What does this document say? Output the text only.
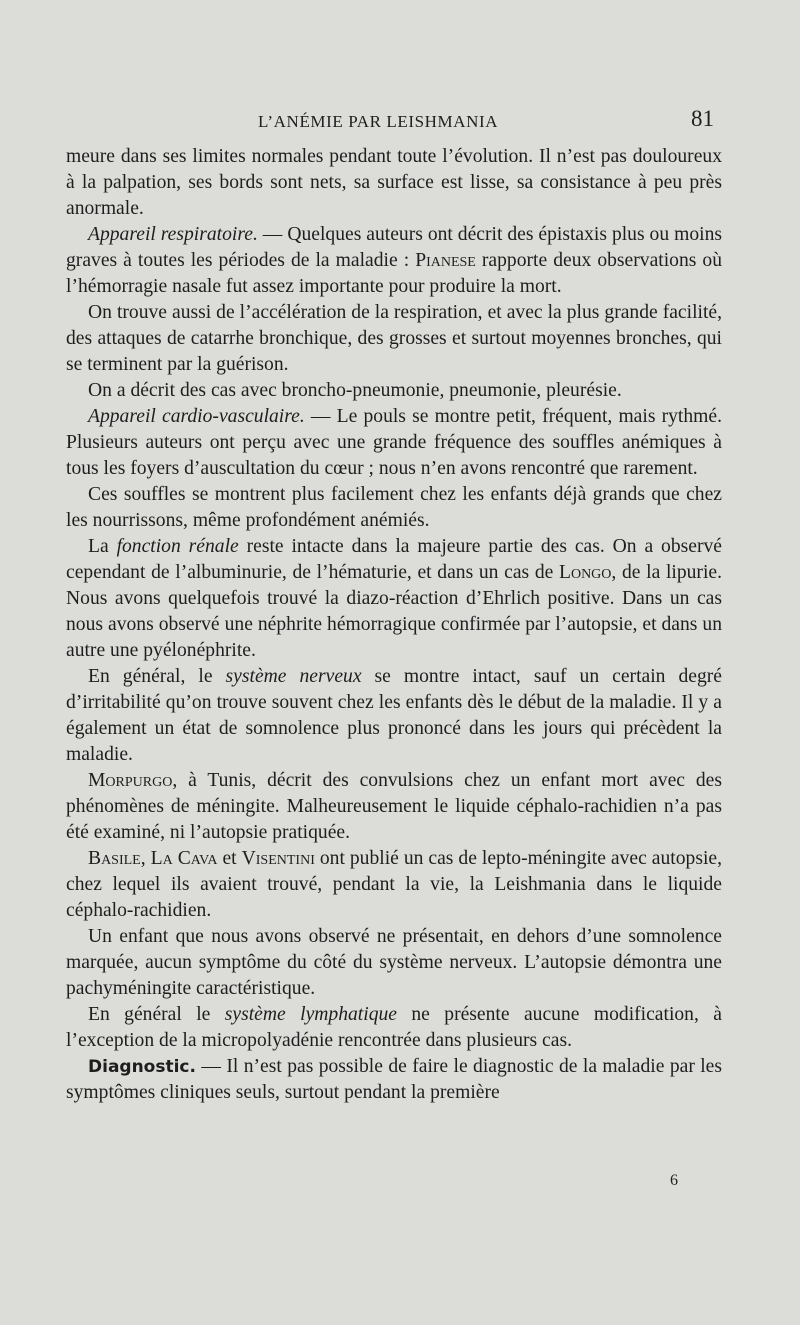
L’ANÉMIE PAR LEISHMANIA	81

meure dans ses limites normales pendant toute l’évolution. Il n’est pas douloureux à la palpation, ses bords sont nets, sa surface est lisse, sa consistance à peu près anormale.

Appareil respiratoire. — Quelques auteurs ont décrit des épistaxis plus ou moins graves à toutes les périodes de la maladie : Pianese rapporte deux observations où l’hémorragie nasale fut assez importante pour produire la mort.

On trouve aussi de l’accélération de la respiration, et avec la plus grande facilité, des attaques de catarrhe bronchique, des grosses et surtout moyennes bronches, qui se terminent par la guérison.

On a décrit des cas avec broncho-pneumonie, pneumonie, pleurésie.

Appareil cardio-vasculaire. — Le pouls se montre petit, fréquent, mais rythmé. Plusieurs auteurs ont perçu avec une grande fréquence des souffles anémiques à tous les foyers d’auscultation du cœur ; nous n’en avons rencontré que rarement.

Ces souffles se montrent plus facilement chez les enfants déjà grands que chez les nourrissons, même profondément anémiés.

La fonction rénale reste intacte dans la majeure partie des cas. On a observé cependant de l’albuminurie, de l’hématurie, et dans un cas de Longo, de la lipurie. Nous avons quelquefois trouvé la diazo-réaction d’Ehrlich positive. Dans un cas nous avons observé une néphrite hémorragique confirmée par l’autopsie, et dans un autre une pyélonéphrite.

En général, le système nerveux se montre intact, sauf un certain degré d’irritabilité qu’on trouve souvent chez les enfants dès le début de la maladie. Il y a également un état de somnolence plus prononcé dans les jours qui précèdent la maladie.

Morpurgo, à Tunis, décrit des convulsions chez un enfant mort avec des phénomènes de méningite. Malheureusement le liquide céphalo-rachidien n’a pas été examiné, ni l’autopsie pratiquée.

Basile, La Cava et Visentini ont publié un cas de lepto-méningite avec autopsie, chez lequel ils avaient trouvé, pendant la vie, la Leishmania dans le liquide céphalo-rachidien.

Un enfant que nous avons observé ne présentait, en dehors d’une somnolence marquée, aucun symptôme du côté du système nerveux. L’autopsie démontra une pachyméningite caractéristique.

En général le système lymphatique ne présente aucune modification, à l’exception de la micropolyadénie rencontrée dans plusieurs cas.

Diagnostic. — Il n’est pas possible de faire le diagnostic de la maladie par les symptômes cliniques seuls, surtout pendant la première

6
